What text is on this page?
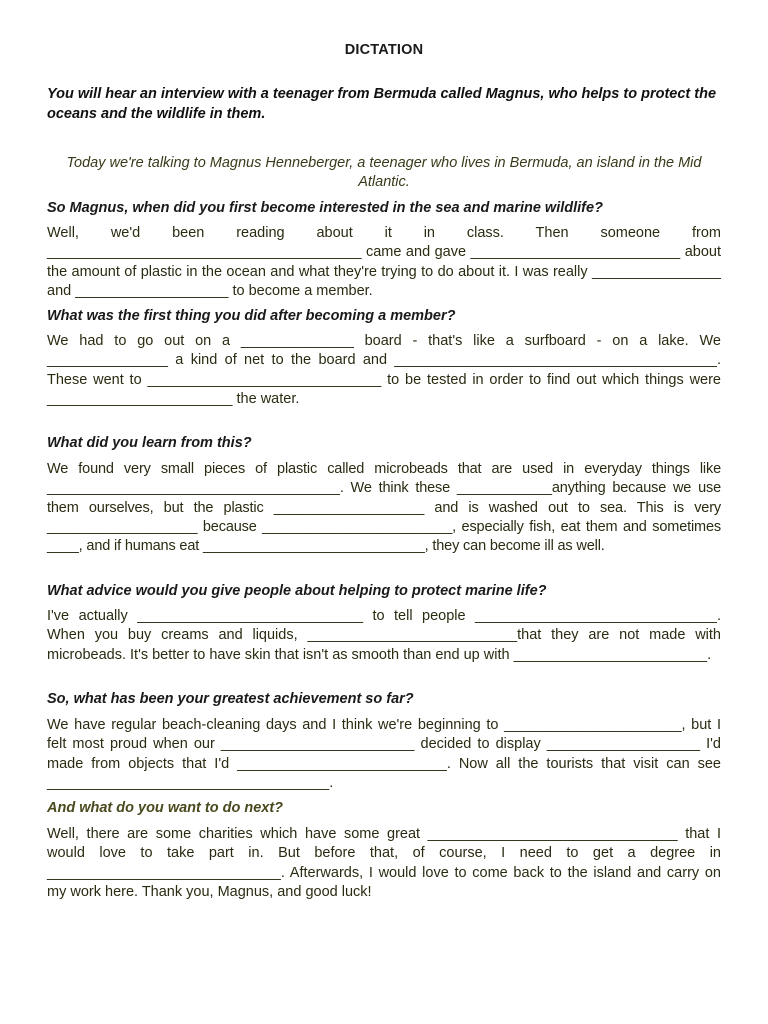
DICTATION
You will hear an interview with a teenager from Bermuda called Magnus, who helps to protect the oceans and the wildlife in them.
Today we're talking to Magnus Henneberger, a teenager who lives in Bermuda, an island in the Mid Atlantic.
So Magnus, when did you first become interested in the sea and marine wildlife?
Well, we'd been reading about it in class. Then someone from _______________________________________ came and gave __________________________ about the amount of plastic in the ocean and what they're trying to do about it. I was really ________________ and ___________________ to become a member.
What was the first thing you did after becoming a member?
We had to go out on a ______________ board - that's like a surfboard - on a lake. We _______________ a kind of net to the board and ________________________________________. These went to _____________________________ to be tested in order to find out which things were _______________________ the water.
What did you learn from this?
We found very small pieces of plastic called microbeads that are used in everyday things like _____________________________________. We think these ____________anything because we use them ourselves, but the plastic ___________________ and is washed out to sea. This is very ___________________ because ________________________, especially fish, eat them and sometimes ____, and if humans eat ____________________________, they can become ill as well.
What advice would you give people about helping to protect marine life?
I've actually ____________________________ to tell people ______________________________. When you buy creams and liquids, __________________________that they are not made with microbeads. It's better to have skin that isn't as smooth than end up with ________________________.
So, what has been your greatest achievement so far?
We have regular beach-cleaning days and I think we're beginning to ______________________, but I felt most proud when our ________________________ decided to display ___________________ I'd made from objects that I'd __________________________. Now all the tourists that visit can see ___________________________________.
And what do you want to do next?
Well, there are some charities which have some great _______________________________ that I would love to take part in. But before that, of course, I need to get a degree in _____________________________. Afterwards, I would love to come back to the island and carry on my work here. Thank you, Magnus, and good luck!
